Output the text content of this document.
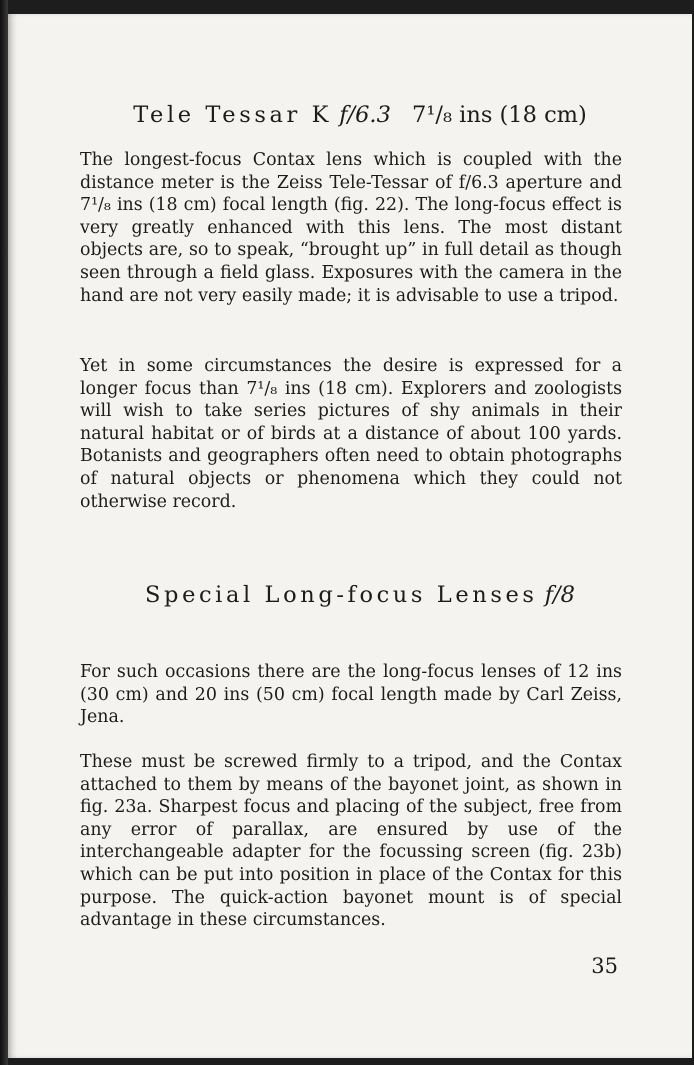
Tele Tessar K f/6.3 7¹/₈ ins (18 cm)

The longest-focus Contax lens which is coupled with the distance meter is the Zeiss Tele-Tessar of f/6.3 aperture and 7¹/₈ ins (18 cm) focal length (fig. 22). The long-focus effect is very greatly enhanced with this lens. The most distant objects are, so to speak, “brought up” in full detail as though seen through a field glass. Exposures with the camera in the hand are not very easily made; it is advisable to use a tripod.

Yet in some circumstances the desire is expressed for a longer focus than 7¹/₈ ins (18 cm). Explorers and zoologists will wish to take series pictures of shy animals in their natural habitat or of birds at a distance of about 100 yards. Botanists and geographers often need to obtain photographs of natural objects or phenomena which they could not otherwise record.

Special Long-focus Lenses f/8

For such occasions there are the long-focus lenses of 12 ins (30 cm) and 20 ins (50 cm) focal length made by Carl Zeiss, Jena.

These must be screwed firmly to a tripod, and the Contax attached to them by means of the bayonet joint, as shown in fig. 23a. Sharpest focus and placing of the subject, free from any error of parallax, are ensured by use of the interchangeable adapter for the focussing screen (fig. 23b) which can be put into position in place of the Contax for this purpose. The quick-action bayonet mount is of special advantage in these circumstances.

35
